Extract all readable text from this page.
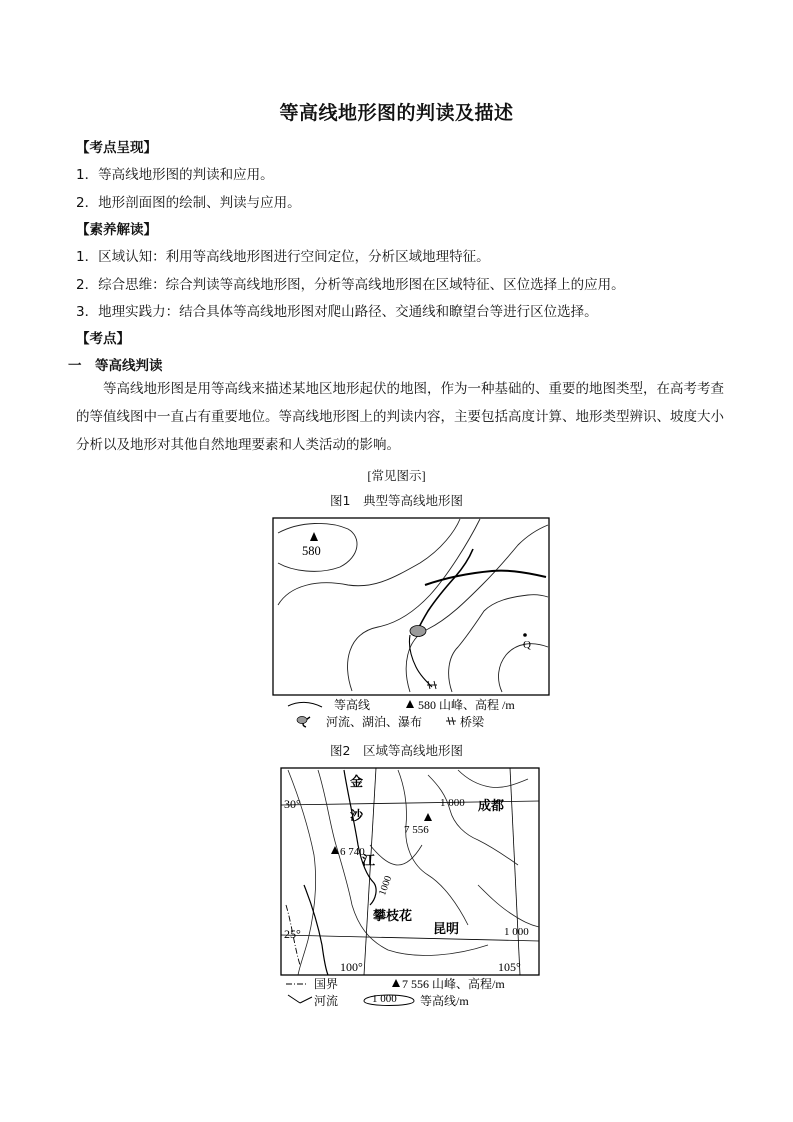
等高线地形图的判读及描述
【考点呈现】
1．等高线地形图的判读和应用。
2．地形剖面图的绘制、判读与应用。
【素养解读】
1．区域认知：利用等高线地形图进行空间定位，分析区域地理特征。
2．综合思维：综合判读等高线地形图，分析等高线地形图在区域特征、区位选择上的应用。
3．地理实践力：结合具体等高线地形图对爬山路径、交通线和瞭望台等进行区位选择。
【考点】
一　等高线判读
等高线地形图是用等高线来描述某地区地形起伏的地图，作为一种基础的、重要的地图类型，在高考考查的等值线图中一直占有重要地位。等高线地形图上的判读内容，主要包括高度计算、地形类型辨识、坡度大小分析以及地形对其他自然地理要素和人类活动的影响。
[常见图示]
图1　典型等高线地形图
580
Q
等高线	580 山峰、高程 /m
河流、湖泊、瀑布	桥梁
图2　区域等高线地形图
金
沙
江
30°
25°
100°	105°
1 000 成都
7 556
6 740
1000
攀枝花
昆明	1 000
国界	7 556 山峰、高程/m
河流	1 000 等高线/m
